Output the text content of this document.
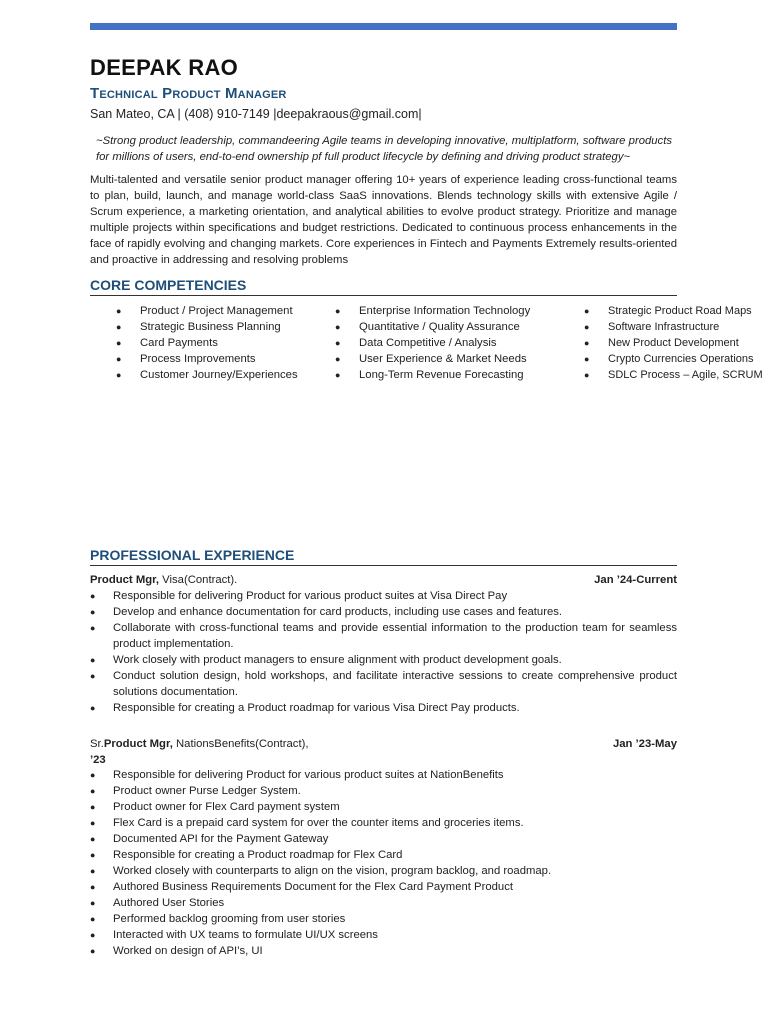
DEEPAK RAO
Technical Product Manager
San Mateo, CA | (408) 910-7149 |deepakraous@gmail.com|
~Strong product leadership, commandeering Agile teams in developing innovative, multiplatform, software products for millions of users, end-to-end ownership pf full product lifecycle by defining and driving product strategy~
Multi-talented and versatile senior product manager offering 10+ years of experience leading cross-functional teams to plan, build, launch, and manage world-class SaaS innovations. Blends technology skills with extensive Agile / Scrum experience, a marketing orientation, and analytical abilities to evolve product strategy. Prioritize and manage multiple projects within specifications and budget restrictions. Dedicated to continuous process enhancements in the face of rapidly evolving and changing markets. Core experiences in Fintech and Payments Extremely results-oriented and proactive in addressing and resolving problems
CORE COMPETENCIES
● Product / Project Management
● Strategic Business Planning
● Card Payments
● Process Improvements
● Customer Journey/Experiences
● Enterprise Information Technology
● Quantitative / Quality Assurance
● Data Competitive / Analysis
● User Experience & Market Needs
● Long-Term Revenue Forecasting
● Strategic Product Road Maps
● Software Infrastructure
● New Product Development
● Crypto Currencies Operations
● SDLC Process – Agile, SCRUM
PROFESSIONAL EXPERIENCE
Product Mgr, Visa(Contract).	Jan ’24-Current
● Responsible for delivering Product for various product suites at Visa Direct Pay
● Develop and enhance documentation for card products, including use cases and features.
● Collaborate with cross-functional teams and provide essential information to the production team for seamless product implementation.
● Work closely with product managers to ensure alignment with product development goals.
● Conduct solution design, hold workshops, and facilitate interactive sessions to create comprehensive product solutions documentation.
● Responsible for creating a Product roadmap for various Visa Direct Pay products.
Sr.Product Mgr, NationsBenefits(Contract),	Jan ’23-May
’23
● Responsible for delivering Product for various product suites at NationBenefits
● Product owner Purse Ledger System.
● Product owner for Flex Card payment system
● Flex Card is a prepaid card system for over the counter items and groceries items.
● Documented API for the Payment Gateway
● Responsible for creating a Product roadmap for Flex Card
● Worked closely with counterparts to align on the vision, program backlog, and roadmap.
● Authored Business Requirements Document for the Flex Card Payment Product
● Authored User Stories
● Performed backlog grooming from user stories
● Interacted with UX teams to formulate UI/UX screens
● Worked on design of API’s, UI
